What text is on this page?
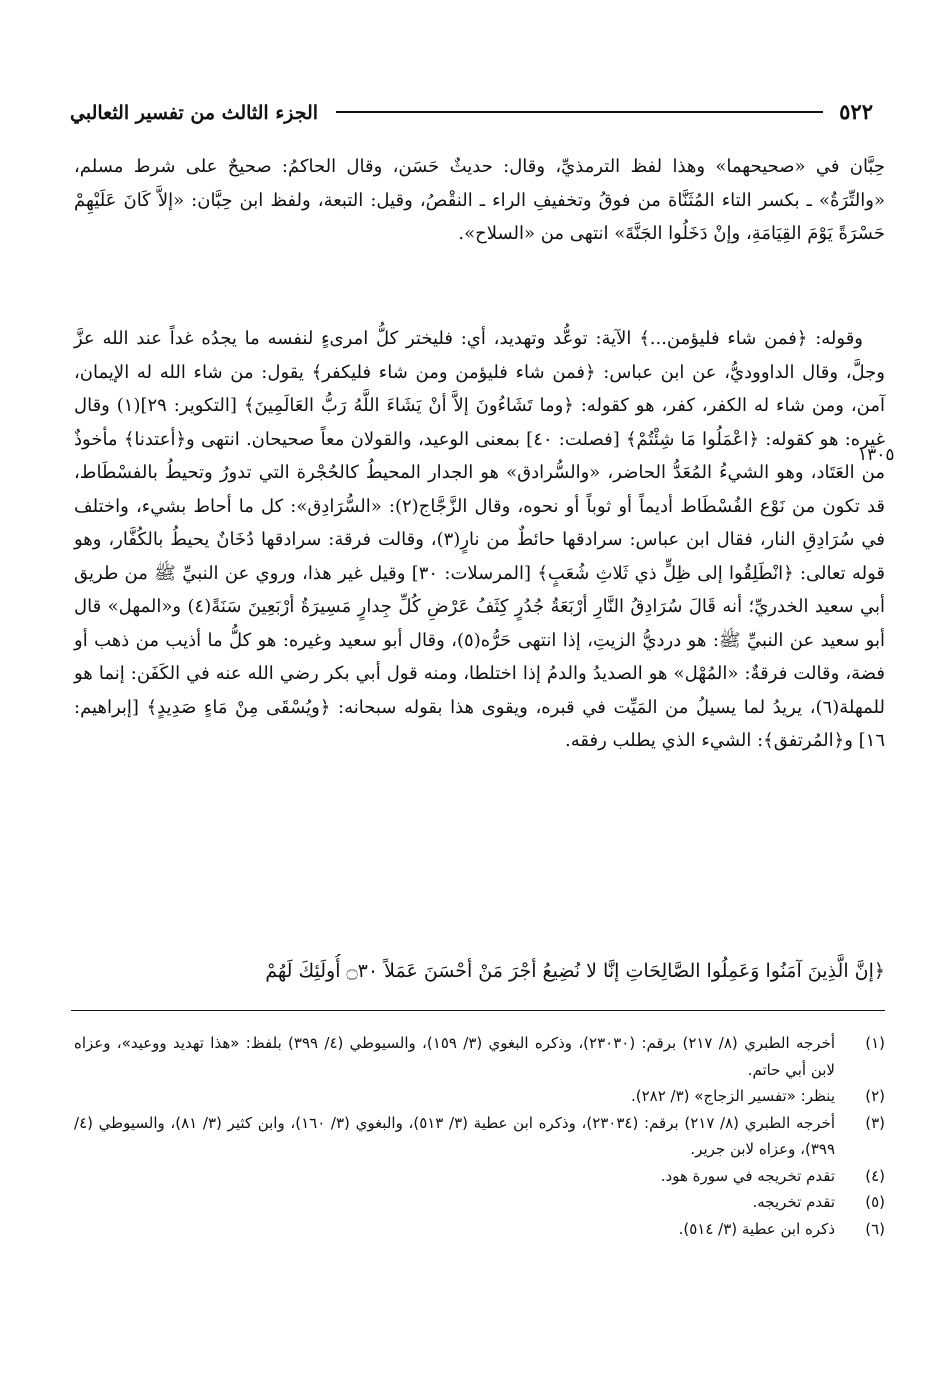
٥٢٢
الجزء الثالث من تفسير الثعالبي
حِبَّان في «صحيحهما» وهذا لفظ الترمذيِّ، وقال: حديثٌ حَسَن، وقال الحاكمُ: صحيحٌ على شرط مسلم، «والتِّرَةُ» ـ بكسر التاء المُثَنَّاة من فوقُ وتخفيفِ الراء ـ النقْصُ، وقيل: التبعة، ولفظ ابن حِبَّان: «إلاَّ كَانَ عَلَيْهِمْ حَسْرَةً يَوْمَ القِيَامَةِ، وإنْ دَخَلُوا الجَنَّةَ» انتهى من «السلاح».
١٣٠٥
وقوله: ﴿فمن شاء فليؤمن...﴾ الآية: توعُّد وتهديد، أي: فليختر كلُّ امرىءٍ لنفسه ما يجدُه غداً عند الله عزَّ وجلَّ، وقال الداووديُّ، عن ابن عباس: ﴿فمن شاء فليؤمن ومن شاء فليكفر﴾ يقول: من شاء الله له الإيمان، آمن، ومن شاء له الكفر، كفر، هو كقوله: ﴿وما تَشَاءُونَ إلاَّ أنْ يَشَاءَ اللَّهُ رَبُّ العَالَمِينَ﴾ [التكوير: ٢٩](١) وقال غيره: هو كقوله: ﴿اعْمَلُوا مَا شِئْتُمْ﴾ [فصلت: ٤٠] بمعنى الوعيد، والقولان معاً صحيحان. انتهى و﴿أعتدنا﴾ مأخوذٌ من العَتَاد، وهو الشيءُ المُعَدُّ الحاضر، «والسُّرادق» هو الجدار المحيطُ كالحُجْرة التي تدورُ وتحيطُ بالفسْطَاط، قد تكون من نَوْع الفُسْطَاط أديماً أو ثوباً أو نحوه، وقال الزَّجَّاج(٢): «السُّرَادِق»: كل ما أحاط بشيء، واختلف في سُرَادِقِ النار، فقال ابن عباس: سرادقها حائطٌ من نارٍ(٣)، وقالت فرقة: سرادقها دُخَانٌ يحيطُ بالكُفَّار، وهو قوله تعالى: ﴿انْطَلِقُوا إلى ظِلٍّ ذي ثَلاثِ شُعَبٍ﴾ [المرسلات: ٣٠] وقيل غير هذا، وروي عن النبيِّ ﷺ من طريق أبي سعيد الخدريِّ؛ أنه قَالَ سُرَادِقُ النَّارِ أرْبَعَةُ جُدُرٍ كِثَفُ عَرْضِ كُلِّ جِدارٍ مَسِيرَةُ أرْبَعِينَ سَنَةً(٤) و«المهل» قال أبو سعيد عن النبيِّ ﷺ: هو درديُّ الزيتِ، إذا انتهى حَرُّه(٥)، وقال أبو سعيد وغيره: هو كلُّ ما أذيب من ذهب أو فضة، وقالت فرقةٌ: «المُهْل» هو الصديدُ والدمُ إذا اختلطا، ومنه قول أبي بكر رضي الله عنه في الكَفَن: إنما هو للمهلة(٦)، يريدُ لما يسيلُ من المَيِّت في قبره، ويقوى هذا بقوله سبحانه: ﴿ويُسْقَى مِنْ مَاءٍ صَدِيدٍ﴾ [إبراهيم: ١٦] و﴿المُرتفق﴾: الشيء الذي يطلب رفقه.
﴿إنَّ الَّذِينَ آمَنُوا وَعَمِلُوا الصَّالِحَاتِ إنَّا لا نُضِيعُ أجْرَ مَنْ أحْسَنَ عَمَلاً ۝٣٠ أُولَئِكَ لَهُمْ
(١)
أخرجه الطبري (٨/ ٢١٧) برقم: (٢٣٠٣٠)، وذكره البغوي (٣/ ١٥٩)، والسيوطي (٤/ ٣٩٩) بلفظ: «هذا تهديد ووعيد»، وعزاه لابن أبي حاتم.
(٢)
ينظر: «تفسير الزجاج» (٣/ ٢٨٢).
(٣)
أخرجه الطبري (٨/ ٢١٧) برقم: (٢٣٠٣٤)، وذكره ابن عطية (٣/ ٥١٣)، والبغوي (٣/ ١٦٠)، وابن كثير (٣/ ٨١)، والسيوطي (٤/ ٣٩٩)، وعزاه لابن جرير.
(٤)
تقدم تخريجه في سورة هود.
(٥)
تقدم تخريجه.
(٦)
ذكره ابن عطية (٣/ ٥١٤).
